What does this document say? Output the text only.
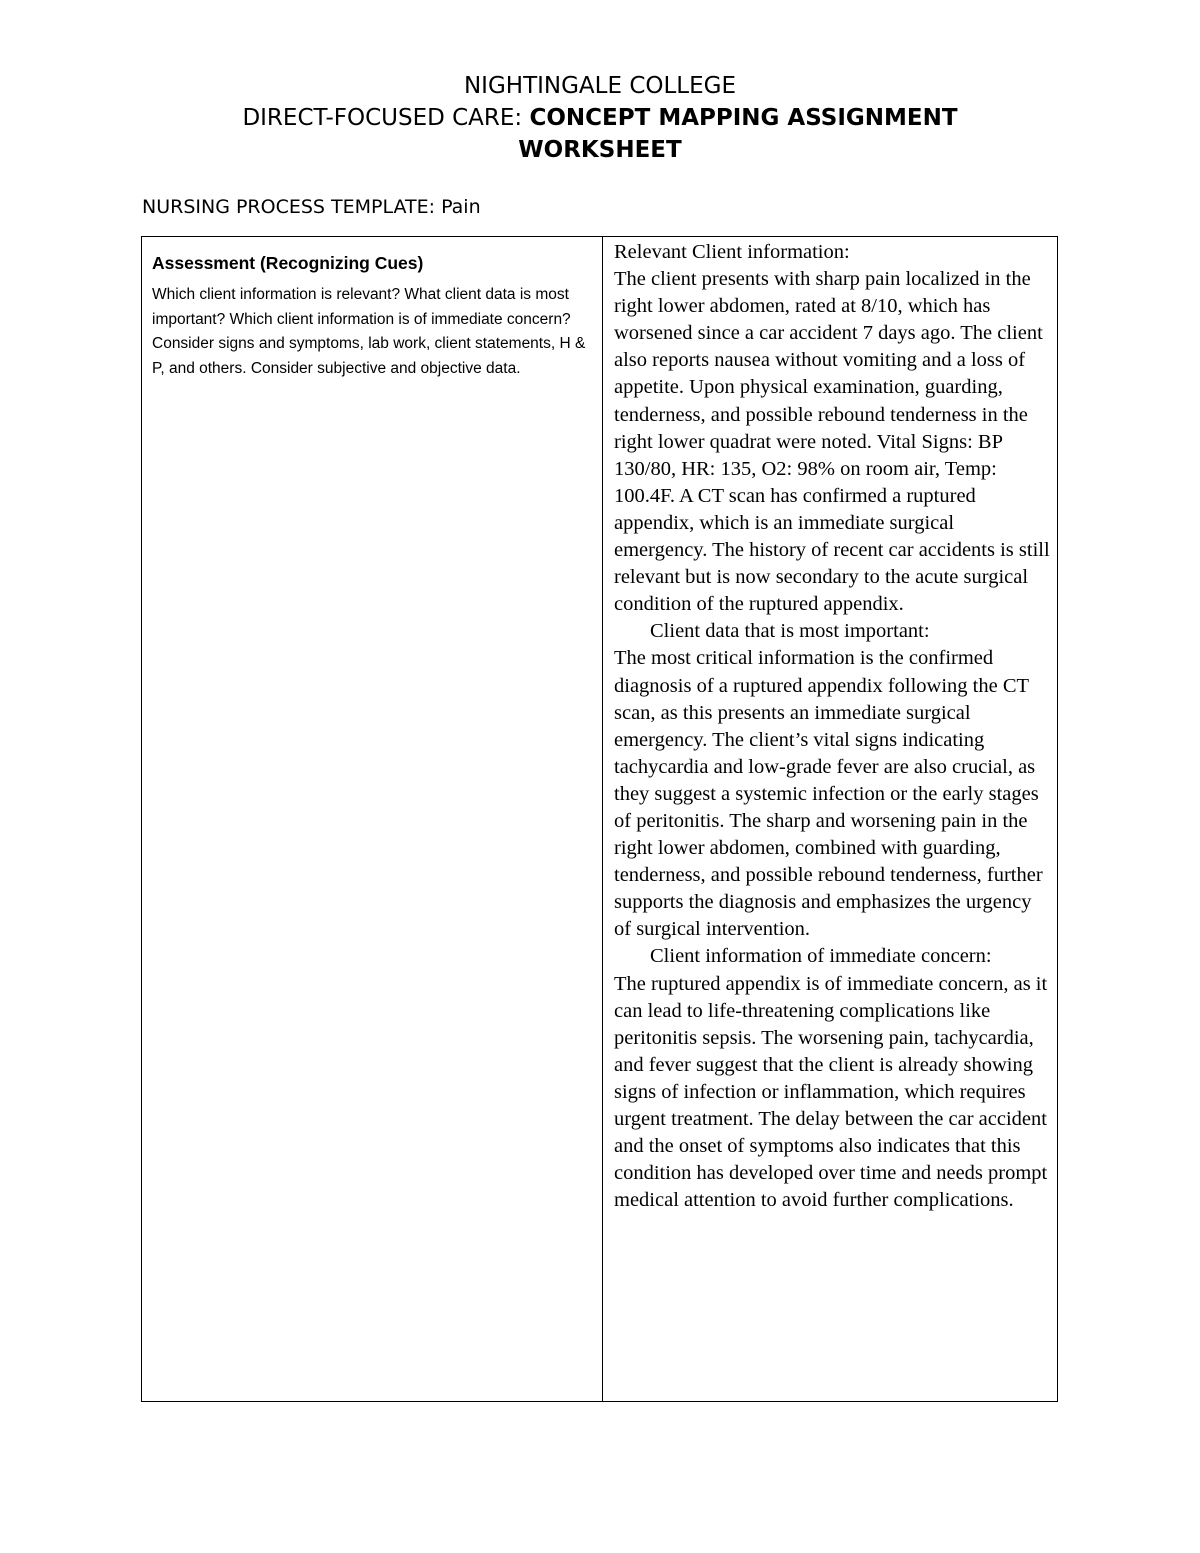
NIGHTINGALE COLLEGE
DIRECT-FOCUSED CARE: CONCEPT MAPPING ASSIGNMENT
WORKSHEET
NURSING PROCESS TEMPLATE: Pain
Assessment (Recognizing Cues)
Which client information is relevant? What client data is most important? Which client information is of immediate concern? Consider signs and symptoms, lab work, client statements, H & P, and others. Consider subjective and objective data.

Relevant Client information:

The client presents with sharp pain localized in the right lower abdomen, rated at 8/10, which has worsened since a car accident 7 days ago. The client also reports nausea without vomiting and a loss of appetite. Upon physical examination, guarding, tenderness, and possible rebound tenderness in the right lower quadrat were noted. Vital Signs: BP 130/80, HR: 135, O2: 98% on room air, Temp: 100.4F. A CT scan has confirmed a ruptured appendix, which is an immediate surgical emergency. The history of recent car accidents is still relevant but is now secondary to the acute surgical condition of the ruptured appendix.

Client data that is most important:

The most critical information is the confirmed diagnosis of a ruptured appendix following the CT scan, as this presents an immediate surgical emergency. The client’s vital signs indicating tachycardia and low-grade fever are also crucial, as they suggest a systemic infection or the early stages of peritonitis. The sharp and worsening pain in the right lower abdomen, combined with guarding, tenderness, and possible rebound tenderness, further supports the diagnosis and emphasizes the urgency of surgical intervention.

Client information of immediate concern:

The ruptured appendix is of immediate concern, as it can lead to life-threatening complications like peritonitis sepsis. The worsening pain, tachycardia, and fever suggest that the client is already showing signs of infection or inflammation, which requires urgent treatment. The delay between the car accident and the onset of symptoms also indicates that this condition has developed over time and needs prompt medical attention to avoid further complications.
